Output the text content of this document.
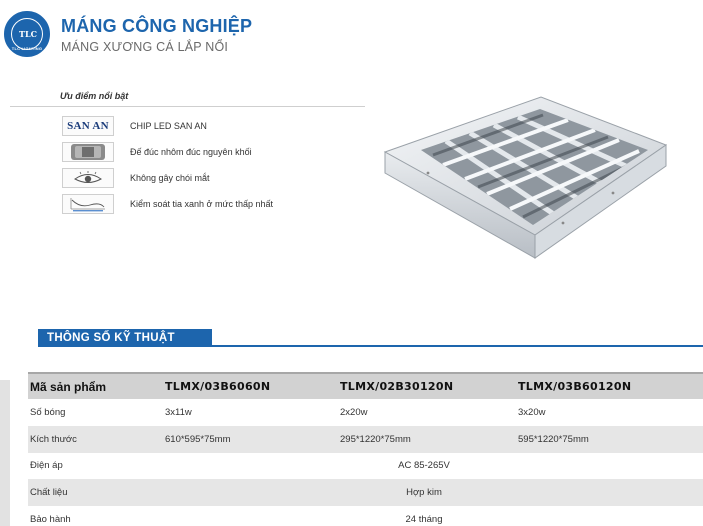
TLC
TLC LIGHTING
MÁNG CÔNG NGHIỆP
MÁNG XƯƠNG CÁ LẮP NỔI
Ưu điểm nổi bật
SAN AN CHIP LED SAN AN
Đế đúc nhôm đúc nguyên khối
Không gây chói mắt
Kiểm soát tia xanh ở mức thấp nhất
THÔNG SỐ KỸ THUẬT
Mã sản phẩm	TLMX/03B6060N	TLMX/02B30120N	TLMX/03B60120N
Số bóng	3x11w	2x20w	3x20w
Kích thước	610*595*75mm	295*1220*75mm	595*1220*75mm
Điện áp	AC 85-265V
Chất liệu	Hợp kim
Bảo hành	24 tháng
